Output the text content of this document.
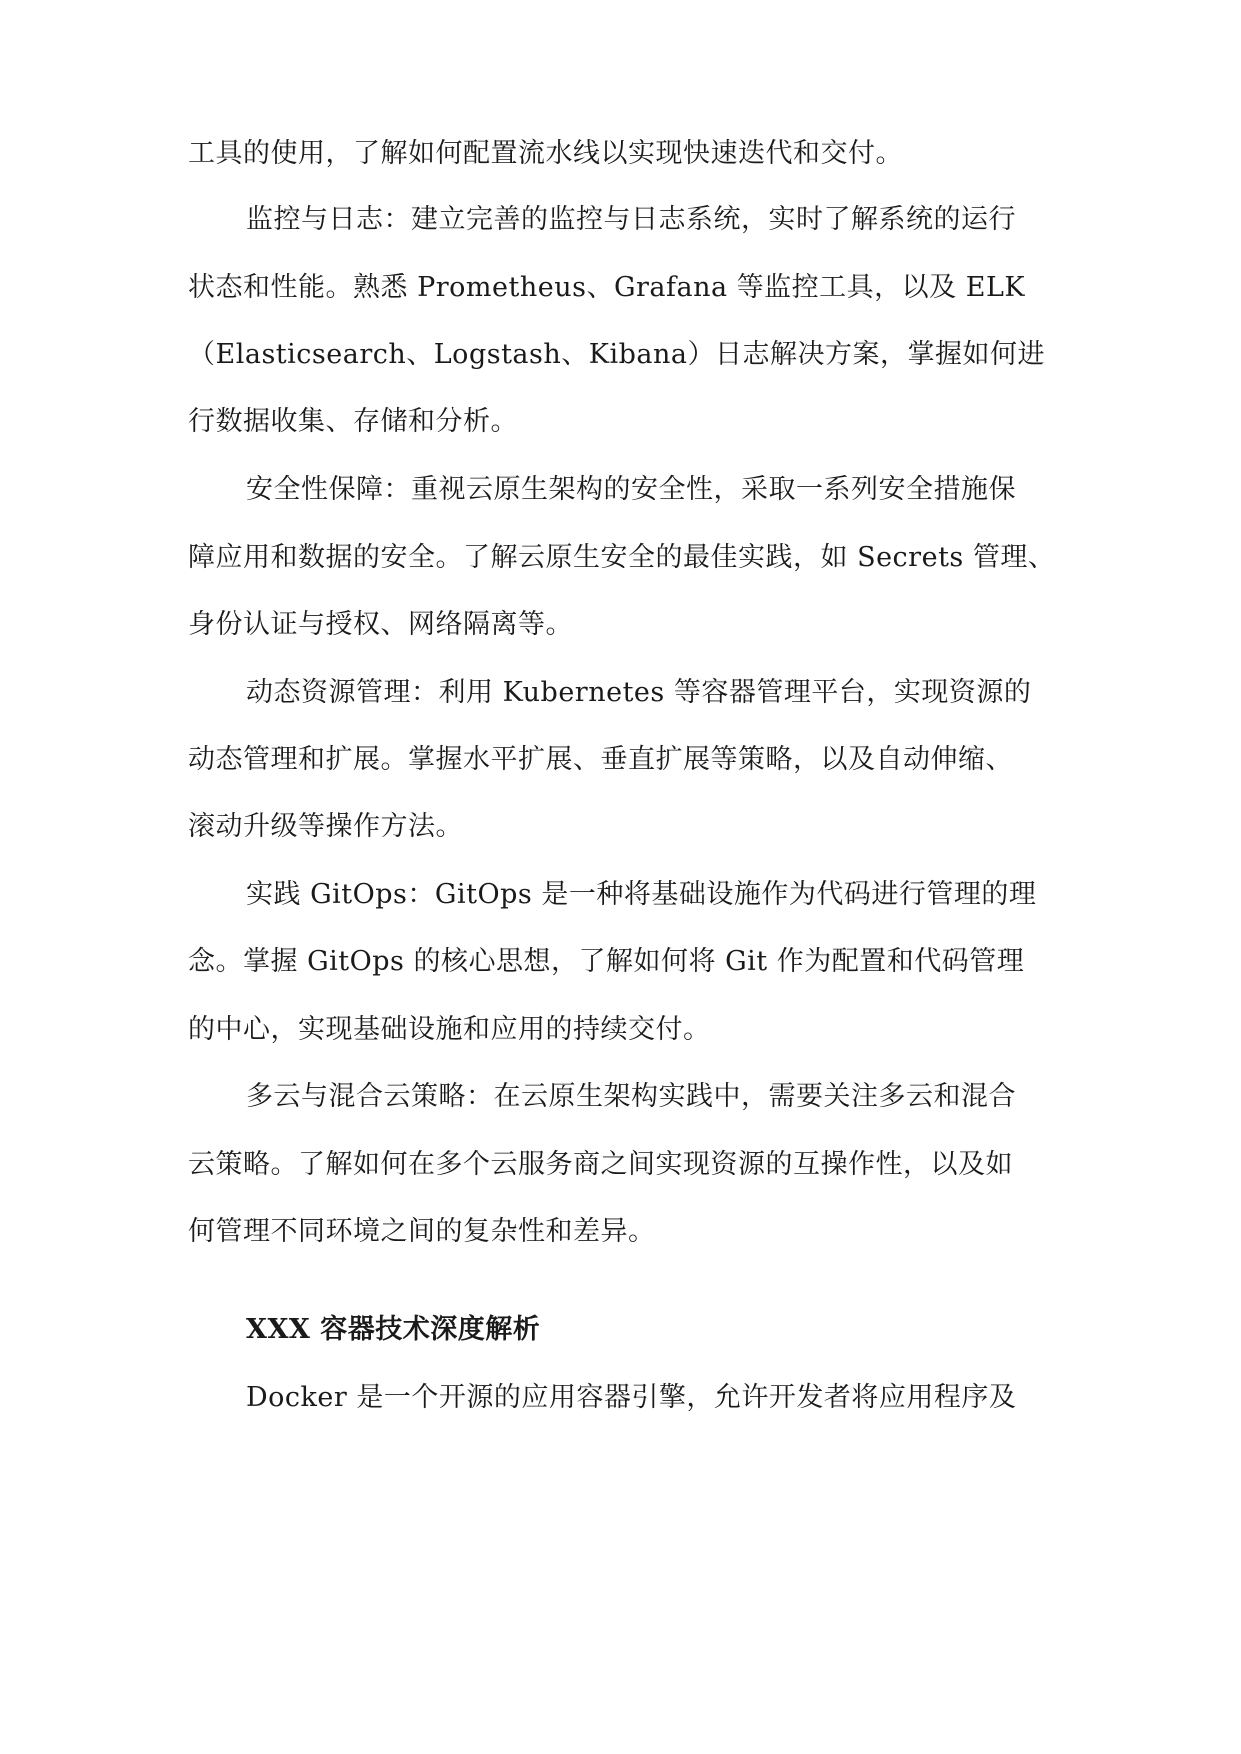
工具的使用，了解如何配置流水线以实现快速迭代和交付。
监控与日志：建立完善的监控与日志系统，实时了解系统的运行
状态和性能。熟悉 Prometheus、Grafana 等监控工具，以及 ELK
（Elasticsearch、Logstash、Kibana）日志解决方案，掌握如何进
行数据收集、存储和分析。
安全性保障：重视云原生架构的安全性，采取一系列安全措施保
障应用和数据的安全。了解云原生安全的最佳实践，如 Secrets 管理、
身份认证与授权、网络隔离等。
动态资源管理：利用 Kubernetes 等容器管理平台，实现资源的
动态管理和扩展。掌握水平扩展、垂直扩展等策略，以及自动伸缩、
滚动升级等操作方法。
实践 GitOps：GitOps 是一种将基础设施作为代码进行管理的理
念。掌握 GitOps 的核心思想，了解如何将 Git 作为配置和代码管理
的中心，实现基础设施和应用的持续交付。
多云与混合云策略：在云原生架构实践中，需要关注多云和混合
云策略。了解如何在多个云服务商之间实现资源的互操作性，以及如
何管理不同环境之间的复杂性和差异。
XXX 容器技术深度解析
Docker 是一个开源的应用容器引擎，允许开发者将应用程序及
